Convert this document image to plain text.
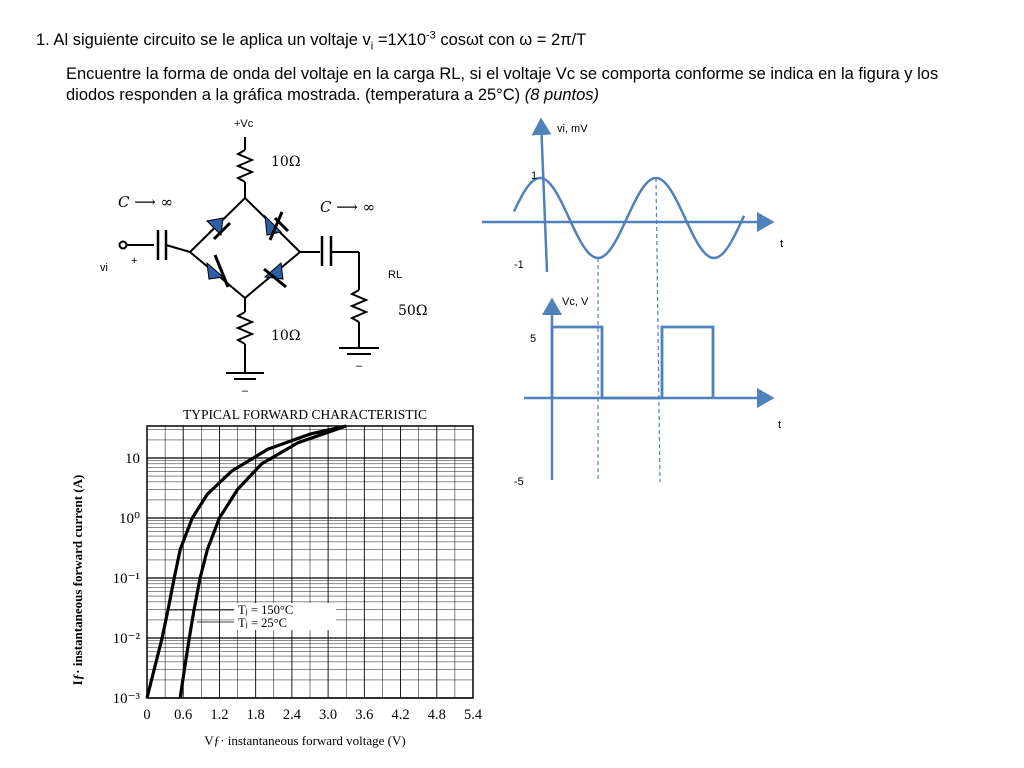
1. Al siguiente circuito se le aplica un voltaje $v_i =1X10^{-3}$ cosωt con ω = 2π/T
Encuentre la forma de onda del voltaje en la carga RL, si el voltaje Vc se comporta conforme se indica en la figura y los diodos responden a la gráfica mostrada. (temperatura a 25°C) (8 puntos)
+Vc
10Ω
C ⟶ ∞	C ⟶ ∞
vi
+
RL
50Ω
10Ω
–
–
vi, mV
t
1
-1
Vc, V
t
5
-5
TYPICAL FORWARD CHARACTERISTIC
10
10⁰
10⁻¹
10⁻²
10⁻³
0 0.6 1.2 1.8 2.4 3.0 3.6 4.2 4.8 5.4
Iƒ· instantaneous forward current (A)
Vƒ· instantaneous forward voltage (V)
Tⱼ = 150°C
Tⱼ = 25°C
